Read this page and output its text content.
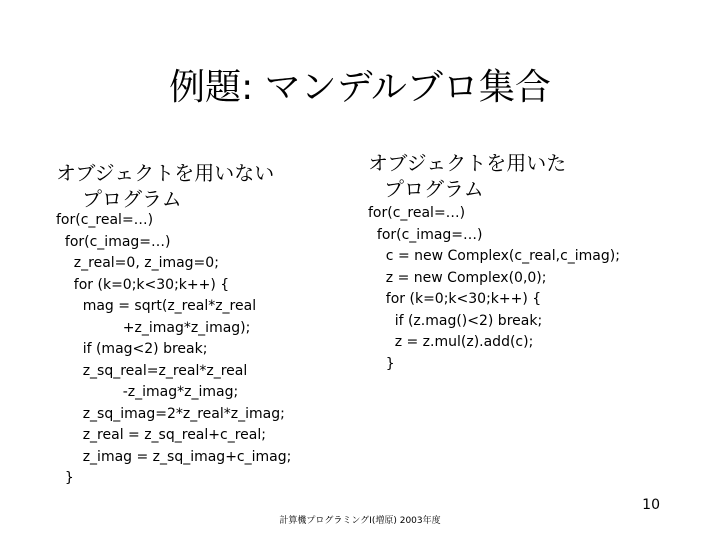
例題: マンデルブロ集合
オブジェクトを用いない
プログラム
オブジェクトを用いた
プログラム
for(c_real=…)
for(c_imag=…)
z_real=0, z_imag=0;
for (k=0;k<30;k++) {
mag = sqrt(z_real*z_real
+z_imag*z_imag);
if (mag<2) break;
z_sq_real=z_real*z_real
-z_imag*z_imag;
z_sq_imag=2*z_real*z_imag;
z_real = z_sq_real+c_real;
z_imag = z_sq_imag+c_imag;
}
for(c_real=…)
for(c_imag=…)
c = new Complex(c_real,c_imag);
z = new Complex(0,0);
for (k=0;k<30;k++) {
if (z.mag()<2) break;
z = z.mul(z).add(c);
}
10
計算機プログラミングI(増原) 2003年度
